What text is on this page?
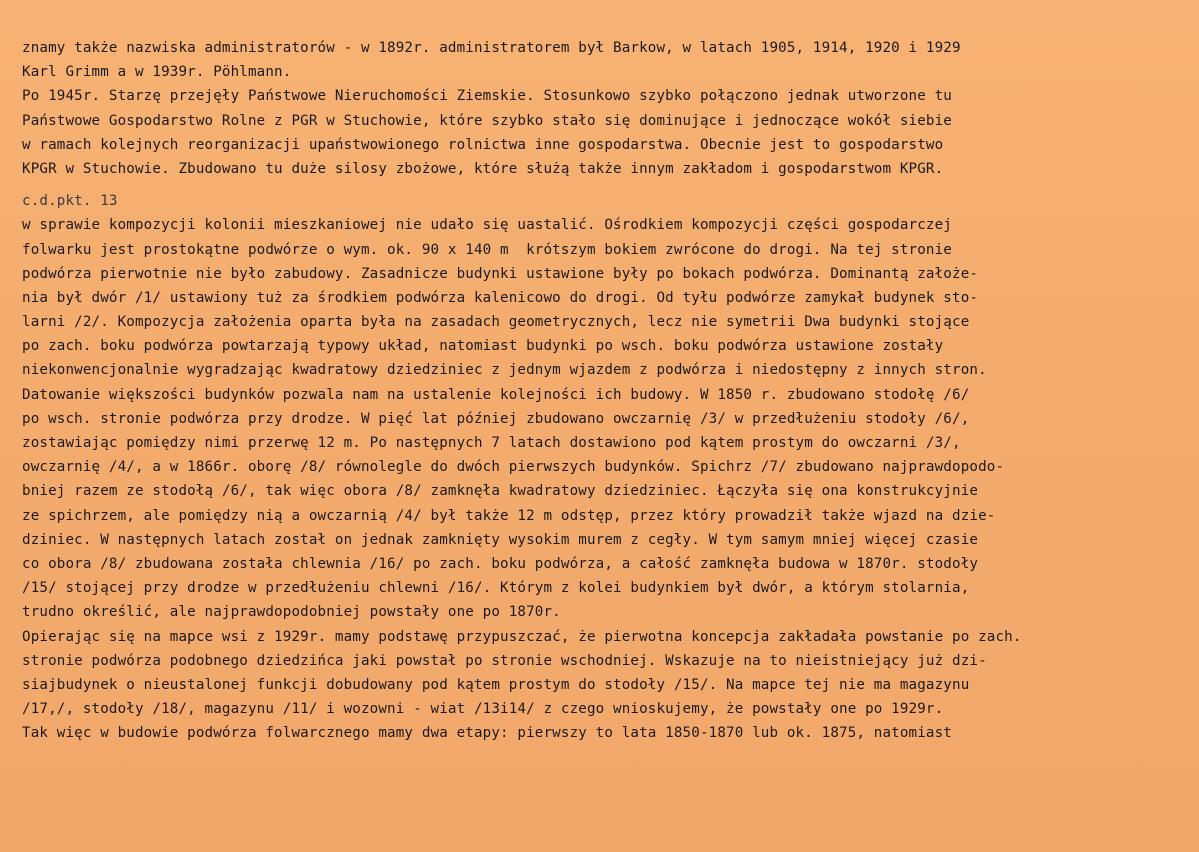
znamy także nazwiska administratorów - w 1892r. administratorem był Barkow, w latach 1905, 1914, 1920 i 1929
Karl Grimm a w 1939r. Pöhlmann.
Po 1945r. Starzę przejęły Państwowe Nieruchomości Ziemskie. Stosunkowo szybko połączono jednak utworzone tu
Państwowe Gospodarstwo Rolne z PGR w Stuchowie, które szybko stało się dominujące i jednoczące wokół siebie
w ramach kolejnych reorganizacji upaństwowionego rolnictwa inne gospodarstwa. Obecnie jest to gospodarstwo
KPGR w Stuchowie. Zbudowano tu duże silosy zbożowe, które służą także innym zakładom i gospodarstwom KPGR.
c.d.pkt. 13
w sprawie kompozycji kolonii mieszkaniowej nie udało się uastalić. Ośrodkiem kompozycji części gospodarczej
folwarku jest prostokątne podwórze o wym. ok. 90 x 140 m  krótszym bokiem zwrócone do drogi. Na tej stronie
podwórza pierwotnie nie było zabudowy. Zasadnicze budynki ustawione były po bokach podwórza. Dominantą założe-
nia był dwór /1/ ustawiony tuż za środkiem podwórza kalenicowo do drogi. Od tyłu podwórze zamykał budynek sto-
larni /2/. Kompozycja założenia oparta była na zasadach geometrycznych, lecz nie symetrii Dwa budynki stojące
po zach. boku podwórza powtarzają typowy układ, natomiast budynki po wsch. boku podwórza ustawione zostały
niekonwencjonalnie wygradzając kwadratowy dziedziniec z jednym wjazdem z podwórza i niedostępny z innych stron.
Datowanie większości budynków pozwala nam na ustalenie kolejności ich budowy. W 1850 r. zbudowano stodołę /6/
po wsch. stronie podwórza przy drodze. W pięć lat później zbudowano owczarnię /3/ w przedłużeniu stodoły /6/,
zostawiając pomiędzy nimi przerwę 12 m. Po następnych 7 latach dostawiono pod kątem prostym do owczarni /3/,
owczarnię /4/, a w 1866r. oborę /8/ równolegle do dwóch pierwszych budynków. Spichrz /7/ zbudowano najprawdopodo-
bniej razem ze stodołą /6/, tak więc obora /8/ zamknęła kwadratowy dziedziniec. Łączyła się ona konstrukcyjnie
ze spichrzem, ale pomiędzy nią a owczarnią /4/ był także 12 m odstęp, przez który prowadził także wjazd na dzie-
dziniec. W następnych latach został on jednak zamknięty wysokim murem z cegły. W tym samym mniej więcej czasie
co obora /8/ zbudowana została chlewnia /16/ po zach. boku podwórza, a całość zamknęła budowa w 1870r. stodoły
/15/ stojącej przy drodze w przedłużeniu chlewni /16/. Którym z kolei budynkiem był dwór, a którym stolarnia,
trudno określić, ale najprawdopodobniej powstały one po 1870r.
Opierając się na mapce wsi z 1929r. mamy podstawę przypuszczać, że pierwotna koncepcja zakładała powstanie po zach.
stronie podwórza podobnego dziedzińca jaki powstał po stronie wschodniej. Wskazuje na to nieistniejący już dzi-
siajbudynek o nieustalonej funkcji dobudowany pod kątem prostym do stodoły /15/. Na mapce tej nie ma magazynu
/17,/, stodoły /18/, magazynu /11/ i wozowni - wiat /13i14/ z czego wnioskujemy, że powstały one po 1929r.
Tak więc w budowie podwórza folwarcznego mamy dwa etapy: pierwszy to lata 1850-1870 lub ok. 1875, natomiast
